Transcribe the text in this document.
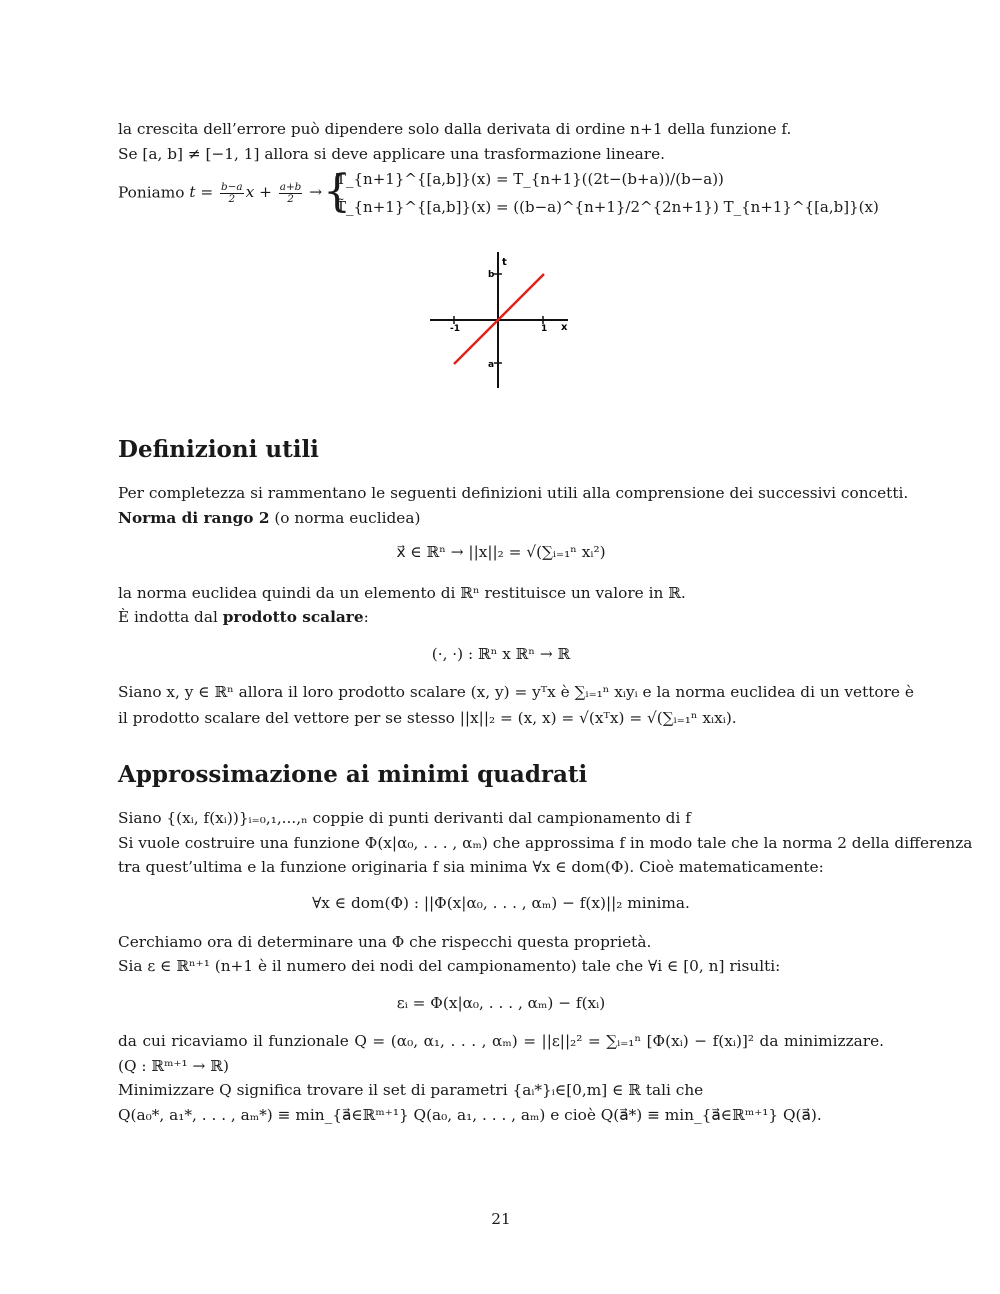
la crescita dell’errore può dipendere solo dalla derivata di ordine n+1 della funzione f.
Se [a, b] ≠ [−1, 1] allora si deve applicare una trasformazione lineare.
Poniamo $t = \frac{b-a}{2}$ $x + \frac{a+b}{2}$ → {
T_{n+1}^{[a,b]}(x) = T_{n+1}((2t−(b+a))/(b−a))
T̃_{n+1}^{[a,b]}(x) = ((b−a)^{n+1}/2^{2n+1}) T_{n+1}^{[a,b]}(x)
b
t
-1	1 x
a
Definizioni utili
Per completezza si rammentano le seguenti definizioni utili alla comprensione dei successivi concetti.
Norma di rango 2 (o norma euclidea)
x⃗ ∈ ℝⁿ → ||x||₂ = √(∑ᵢ₌₁ⁿ xᵢ²)
la norma euclidea quindi da un elemento di ℝⁿ restituisce un valore in ℝ.
È indotta dal prodotto scalare:
(·, ·) : ℝⁿ x ℝⁿ → ℝ
Siano x, y ∈ ℝⁿ allora il loro prodotto scalare (x, y) = yᵀx è ∑ᵢ₌₁ⁿ xᵢyᵢ e la norma euclidea di un vettore è
il prodotto scalare del vettore per se stesso ||x||₂ = (x, x) = √(xᵀx) = √(∑ᵢ₌₁ⁿ xᵢxᵢ).
Approssimazione ai minimi quadrati
Siano {(xᵢ, f(xᵢ))}ᵢ₌₀,₁,...,ₙ coppie di punti derivanti dal campionamento di f
Si vuole costruire una funzione Φ(x|α₀, . . . , αₘ) che approssima f in modo tale che la norma 2 della differenza
tra quest’ultima e la funzione originaria f sia minima ∀x ∈ dom(Φ). Cioè matematicamente:
∀x ∈ dom(Φ) : ||Φ(x|α₀, . . . , αₘ) − f(x)||₂ minima.
Cerchiamo ora di determinare una Φ che rispecchi questa proprietà.
Sia ε ∈ ℝⁿ⁺¹ (n+1 è il numero dei nodi del campionamento) tale che ∀i ∈ [0, n] risulti:
εᵢ = Φ(x|α₀, . . . , αₘ) − f(xᵢ)
da cui ricaviamo il funzionale Q = (α₀, α₁, . . . , αₘ) = ||ε||₂² = ∑ᵢ₌₁ⁿ [Φ(xᵢ) − f(xᵢ)]² da minimizzare.
(Q : ℝᵐ⁺¹ → ℝ)
Minimizzare Q significa trovare il set di parametri {aᵢ*}ᵢ∈[0,m] ∈ ℝ tali che
Q(a₀*, a₁*, . . . , aₘ*) ≡ min_{a⃗∈ℝᵐ⁺¹} Q(a₀, a₁, . . . , aₘ) e cioè Q(a⃗*) ≡ min_{a⃗∈ℝᵐ⁺¹} Q(a⃗).
21
